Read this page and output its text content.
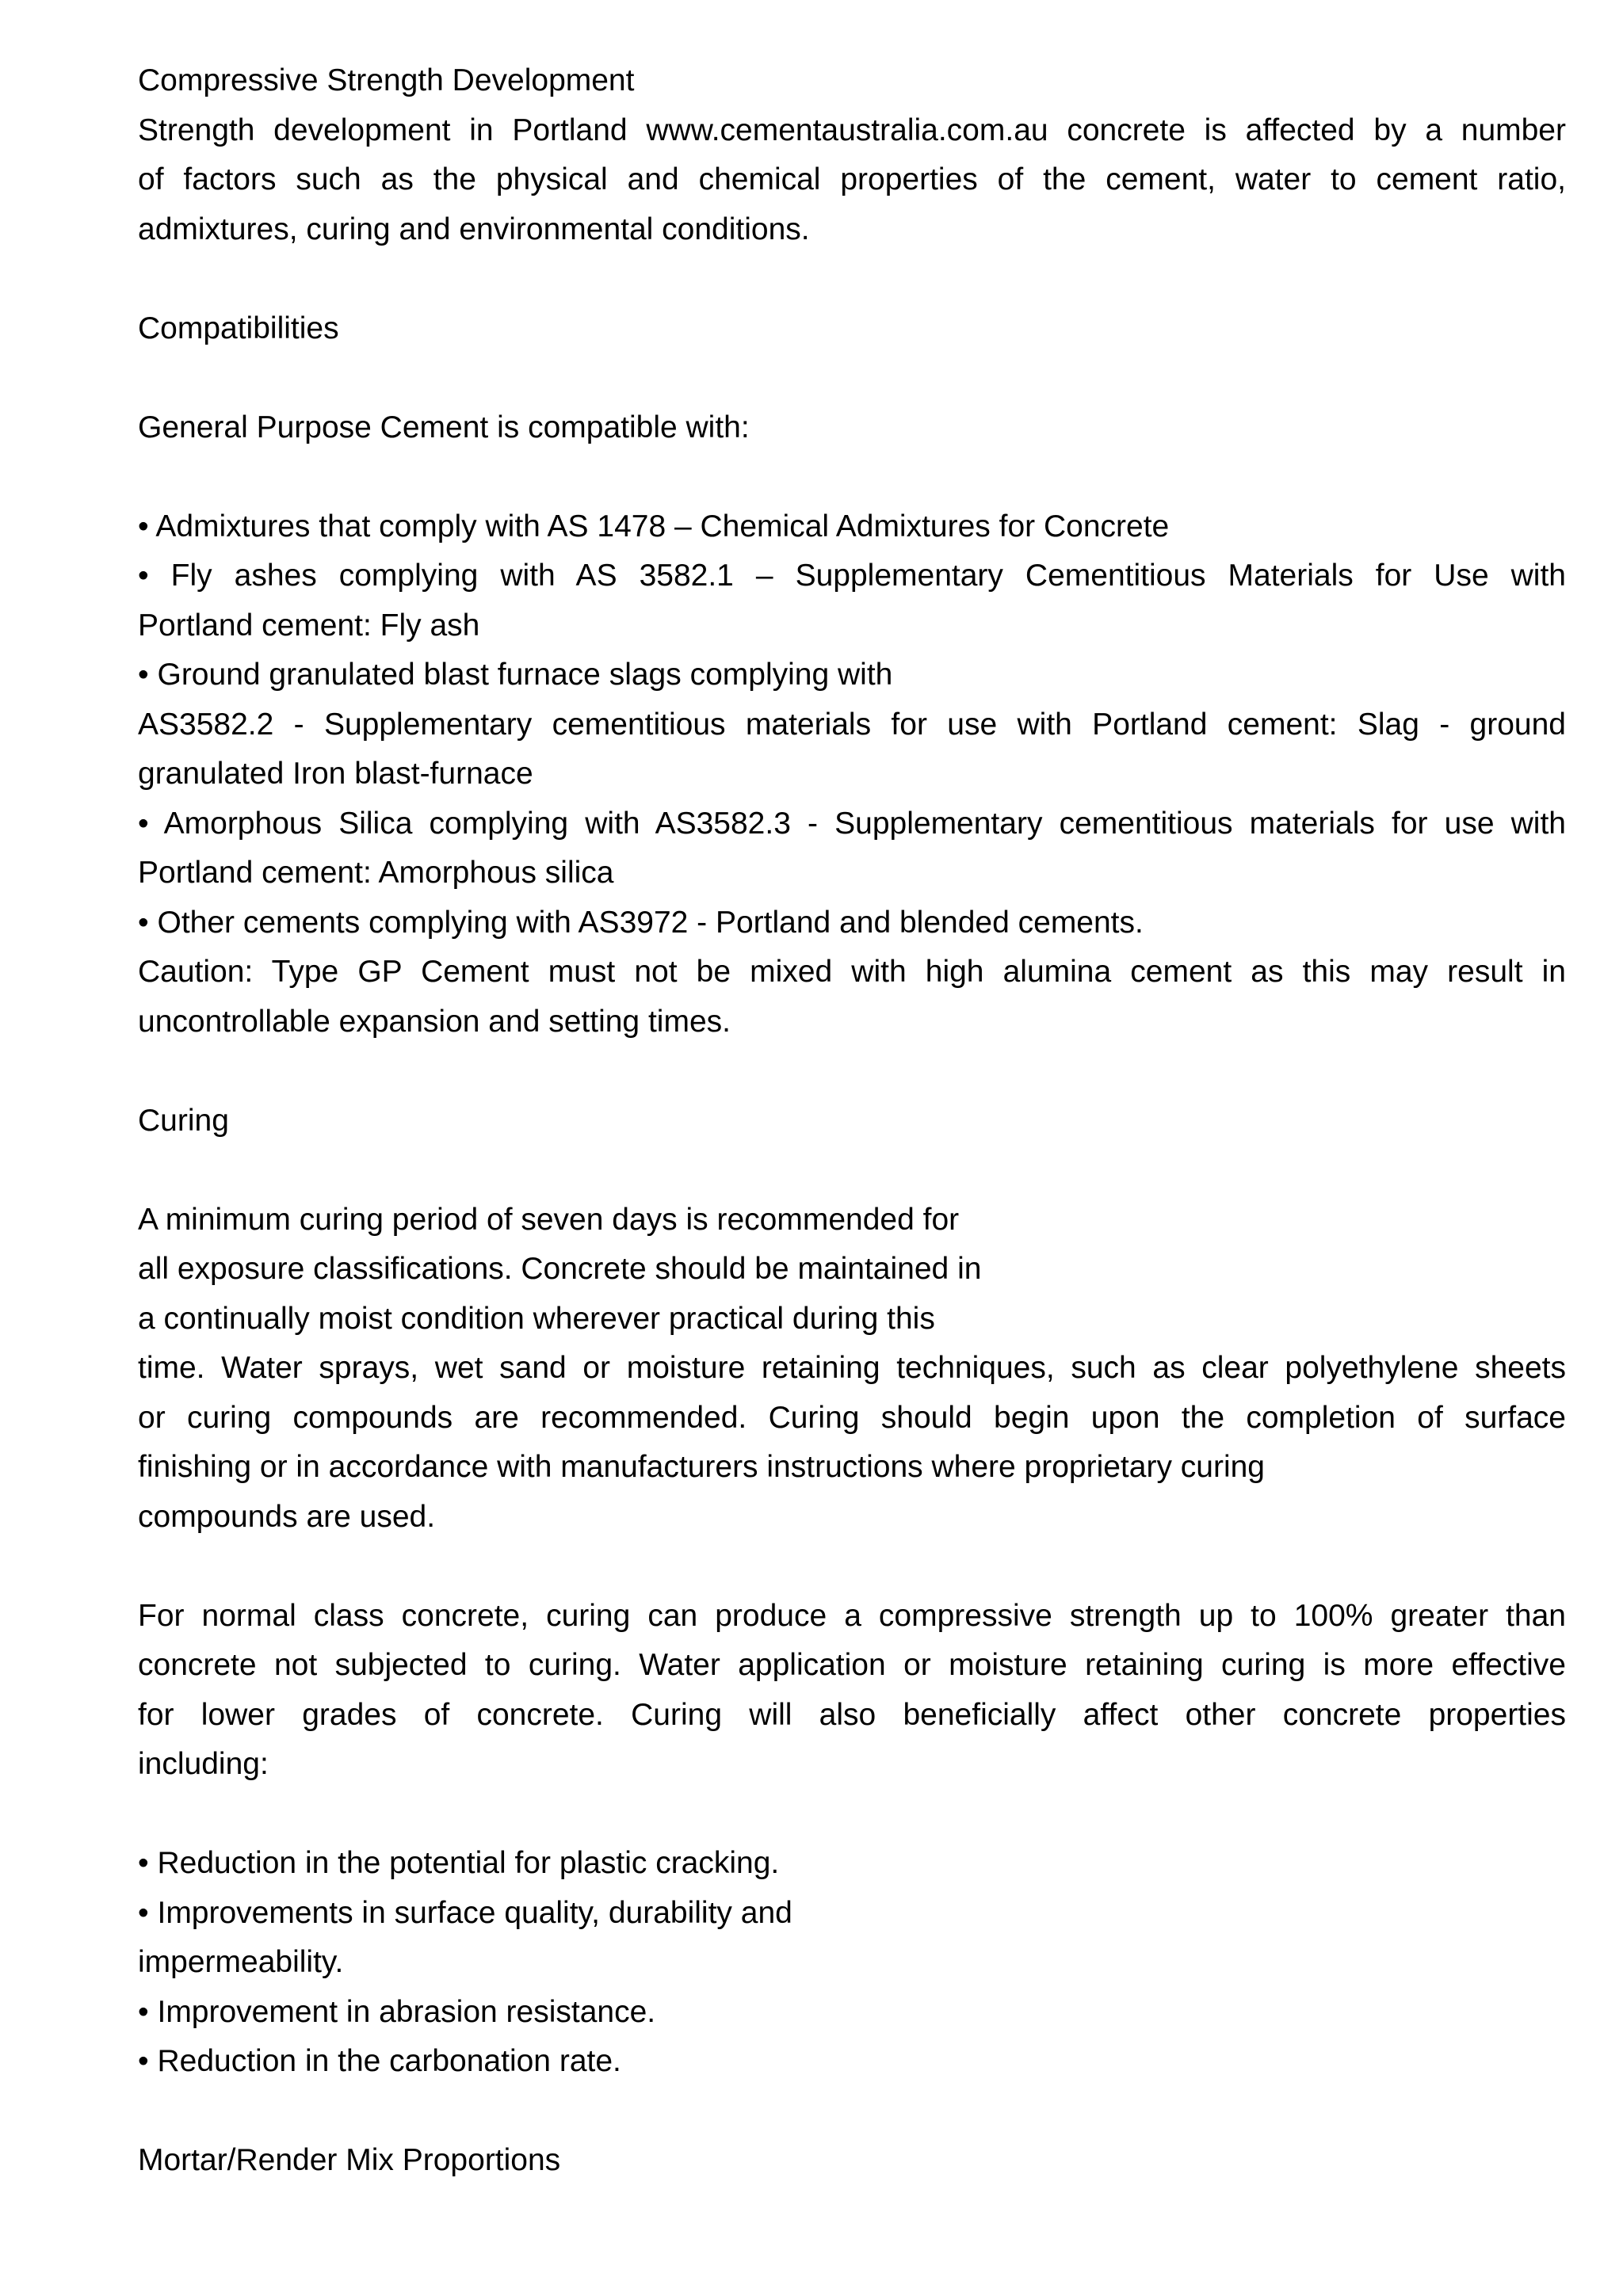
Compressive Strength Development
Strength development in Portland www.cementaustralia.com.au concrete is affected by a number
of factors such as the physical and chemical properties of the cement, water to cement ratio,
admixtures, curing and environmental conditions.
Compatibilities
General Purpose Cement is compatible with:
• Admixtures that comply with AS 1478 – Chemical Admixtures for Concrete
• Fly ashes complying with AS 3582.1 – Supplementary Cementitious Materials for Use with
Portland cement: Fly ash
• Ground granulated blast furnace slags complying with
AS3582.2 - Supplementary cementitious materials for use with Portland cement: Slag - ground
granulated Iron blast-furnace
• Amorphous Silica complying with AS3582.3 - Supplementary cementitious materials for use with
Portland cement: Amorphous silica
• Other cements complying with AS3972 - Portland and blended cements.
Caution: Type GP Cement must not be mixed with high alumina cement as this may result in
uncontrollable expansion and setting times.
Curing
A minimum curing period of seven days is recommended for
all exposure classifications. Concrete should be maintained in
a continually moist condition wherever practical during this
time. Water sprays, wet sand or moisture retaining techniques, such as clear polyethylene sheets
or curing compounds are recommended. Curing should begin upon the completion of surface
finishing or in accordance with manufacturers instructions where proprietary curing
compounds are used.
For normal class concrete, curing can produce a compressive strength up to 100% greater than
concrete not subjected to curing. Water application or moisture retaining curing is more effective
for lower grades of concrete. Curing will also beneficially affect other concrete properties
including:
• Reduction in the potential for plastic cracking.
• Improvements in surface quality, durability and
impermeability.
• Improvement in abrasion resistance.
• Reduction in the carbonation rate.
Mortar/Render Mix Proportions
